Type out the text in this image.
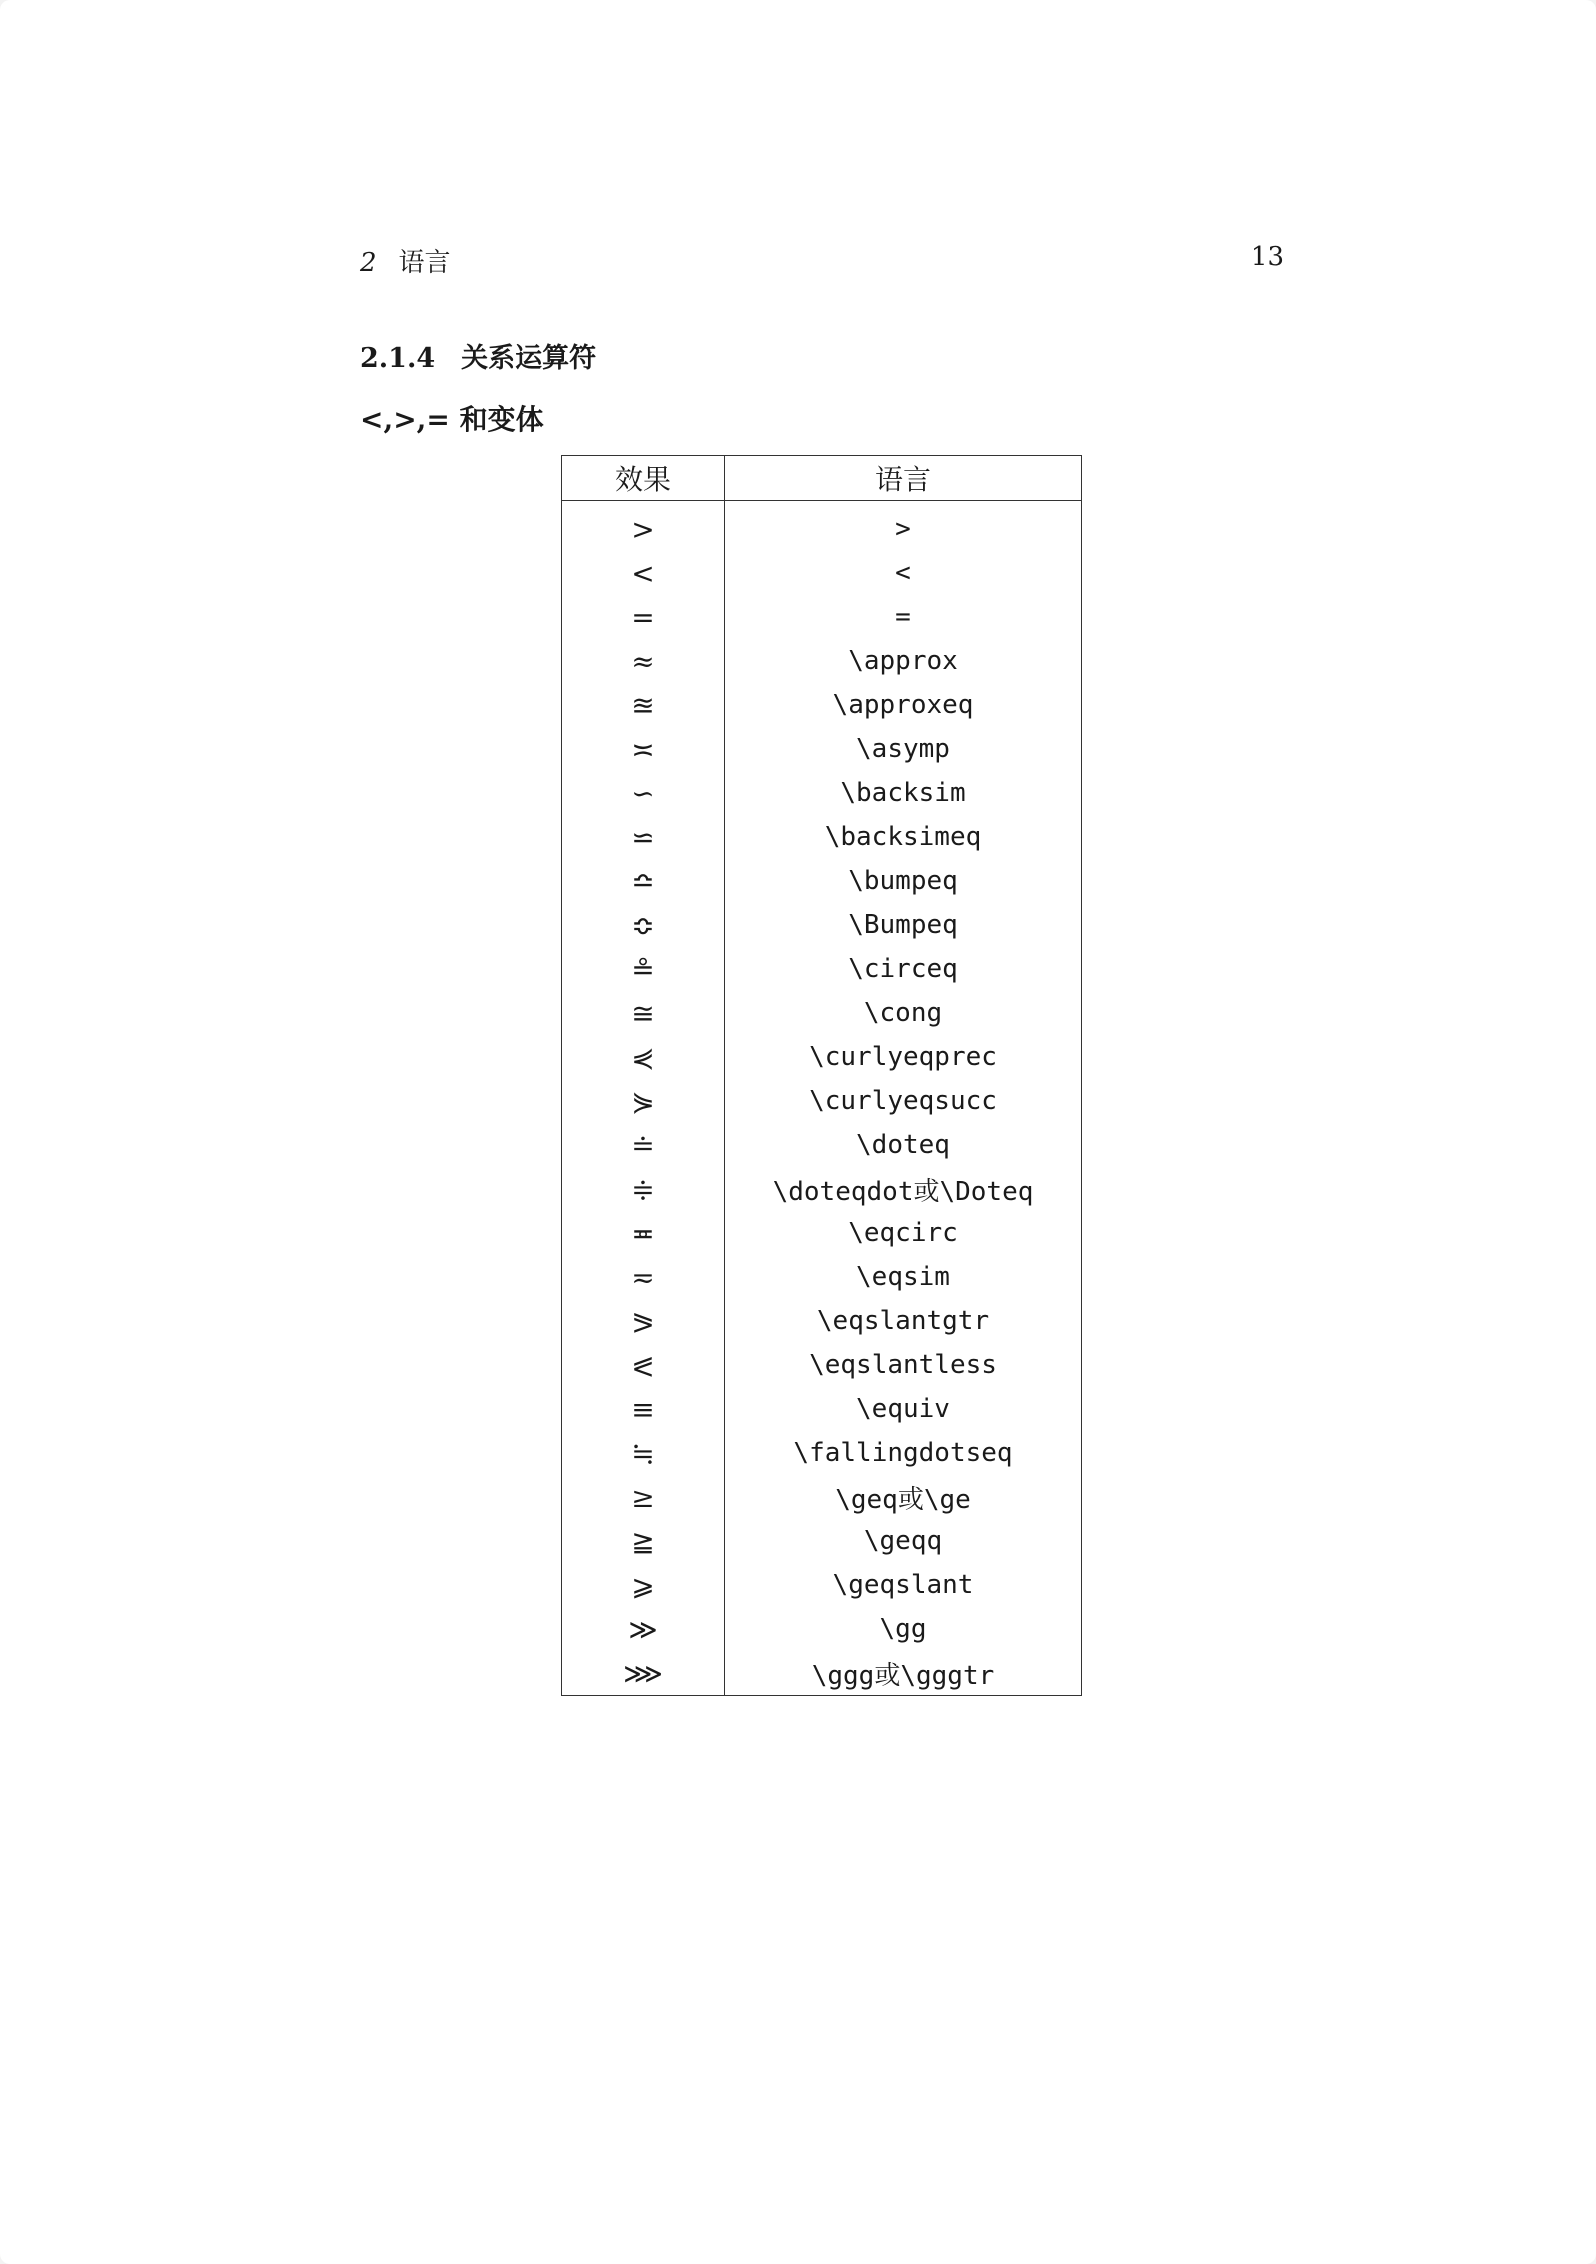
2 语言	13
2.1.4 关系运算符
<,>,= 和变体
效果	语言
>	>
<	<
=	=
≈	\approx
≊	\approxeq
≍	\asymp
∽	\backsim
⋍	\backsimeq
≏	\bumpeq
≎	\Bumpeq
≗	\circeq
≅	\cong
⋞	\curlyeqprec
⋟	\curlyeqsucc
≐	\doteq
≑	\doteqdot或\Doteq
≖	\eqcirc
≂	\eqsim
⪖	\eqslantgtr
⪕	\eqslantless
≡	\equiv
≒	\fallingdotseq
≥	\geq或\ge
≧	\geqq
⩾	\geqslant
≫	\gg
⋙	\ggg或\gggtr
